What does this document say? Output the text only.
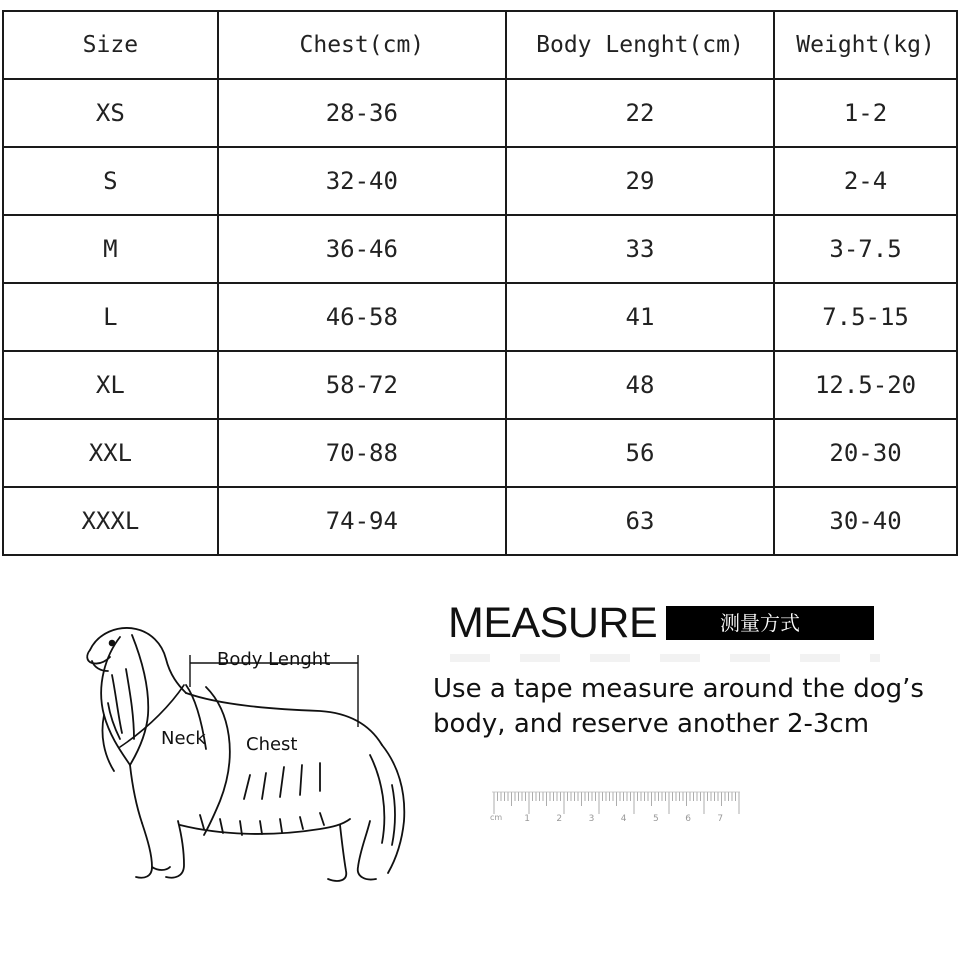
Size	Chest(cm)	Body Lenght(cm)	Weight(kg)
XS	28-36	22	1-2
S	32-40	29	2-4
M	36-46	33	3-7.5
L	46-58	41	7.5-15
XL	58-72	48	12.5-20
XXL	70-88	56	20-30
XXXL	74-94	63	30-40
Body Lenght
Neck Chest
MEASURE	测量方式
Use a tape measure around the dog’s
body, and reserve another 2-3cm
cm 1	2	3	4	5	6	7
